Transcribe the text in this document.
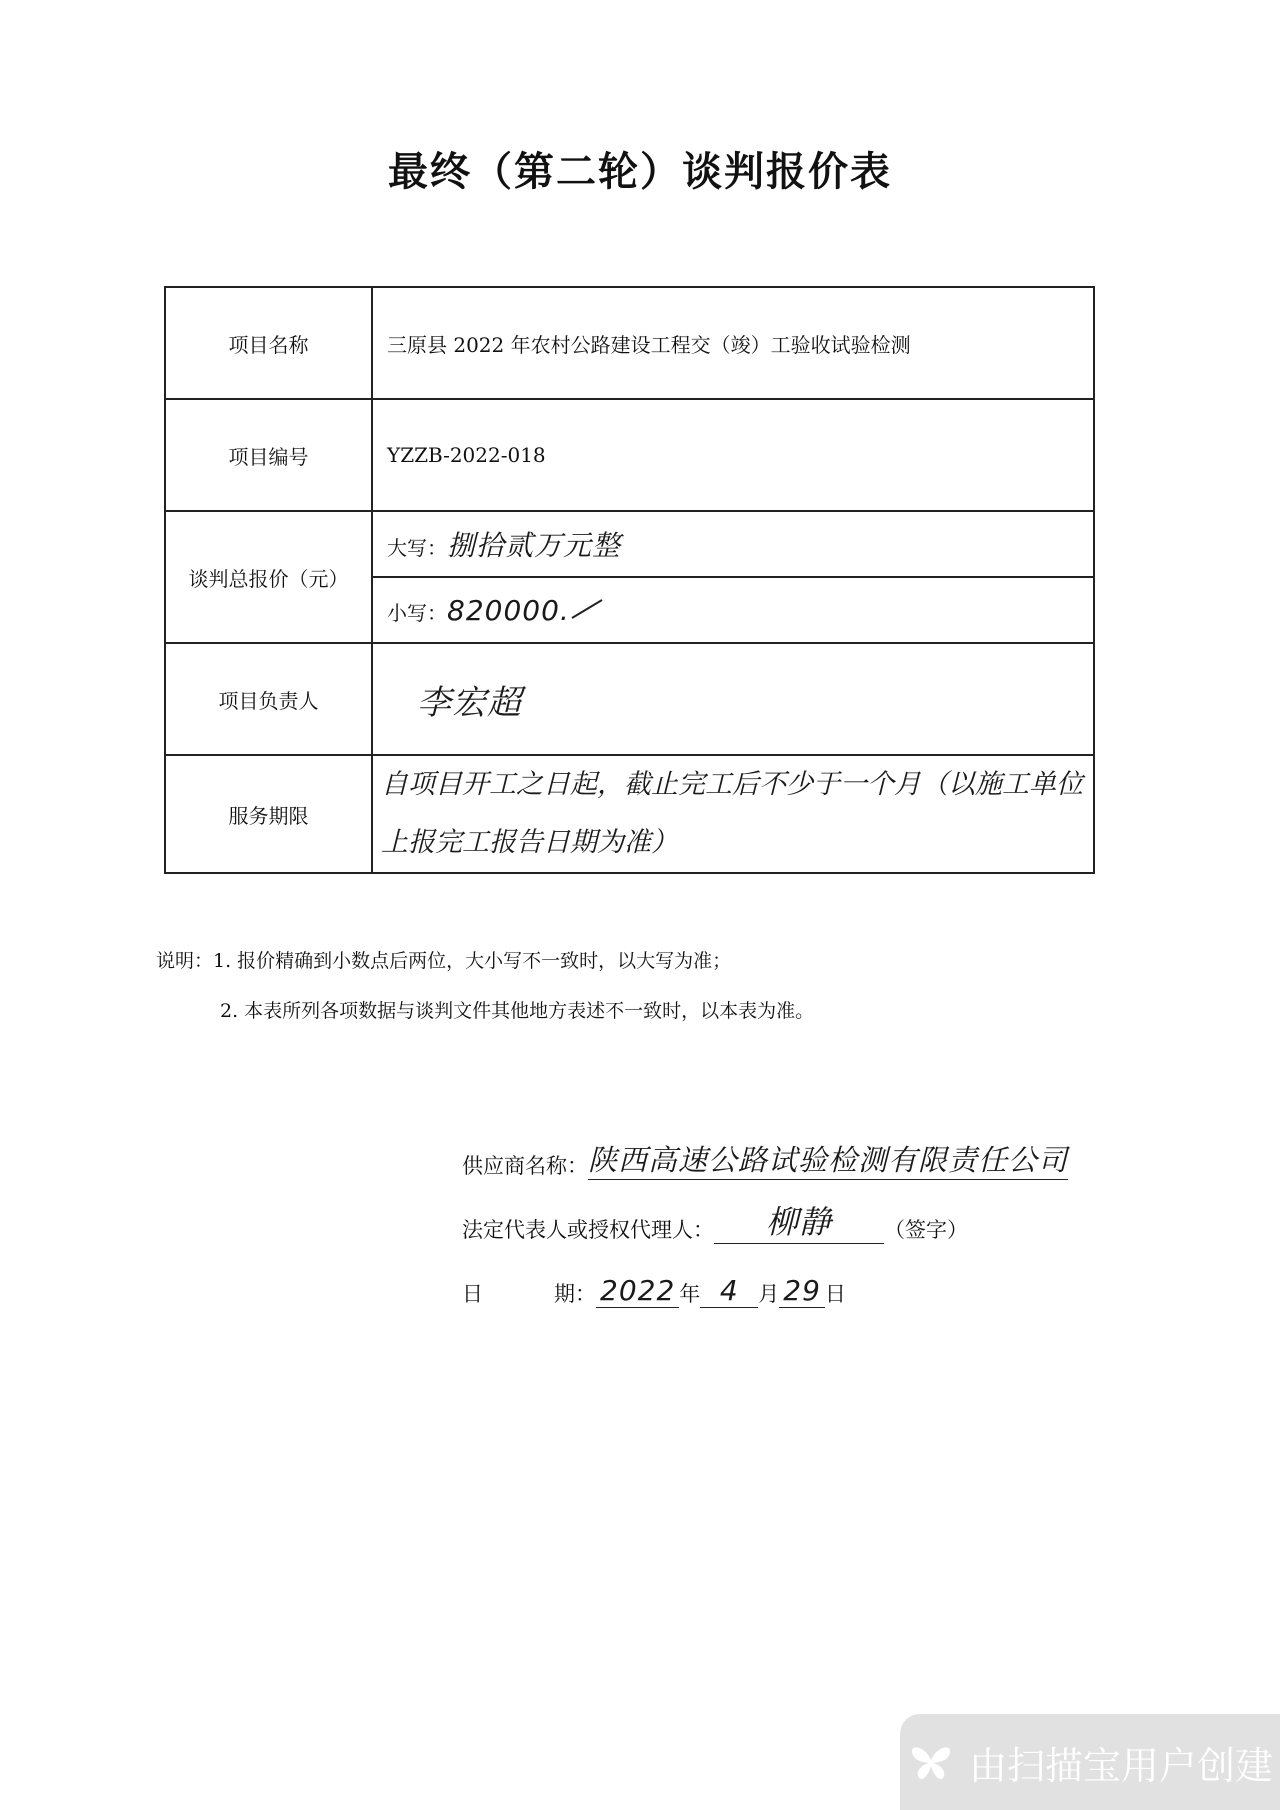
最终（第二轮）谈判报价表
项目名称	三原县 2022 年农村公路建设工程交（竣）工验收试验检测
项目编号	YZZB-2022-018
谈判总报价（元）	大写：捌拾贰万元整
	小写：820000.
项目负责人	李宏超
服务期限	自项目开工之日起，截止完工后不少于一个月（以施工单位
上报完工报告日期为准）
说明：1. 报价精确到小数点后两位，大小写不一致时，以大写为准；
2. 本表所列各项数据与谈判文件其他地方表述不一致时，以本表为准。
供应商名称： 陕西高速公路试验检测有限责任公司
法定代表人或授权代理人：	柳静	（签字）
日	期： 2022 年 4 月 29 日
由扫描宝用户创建
